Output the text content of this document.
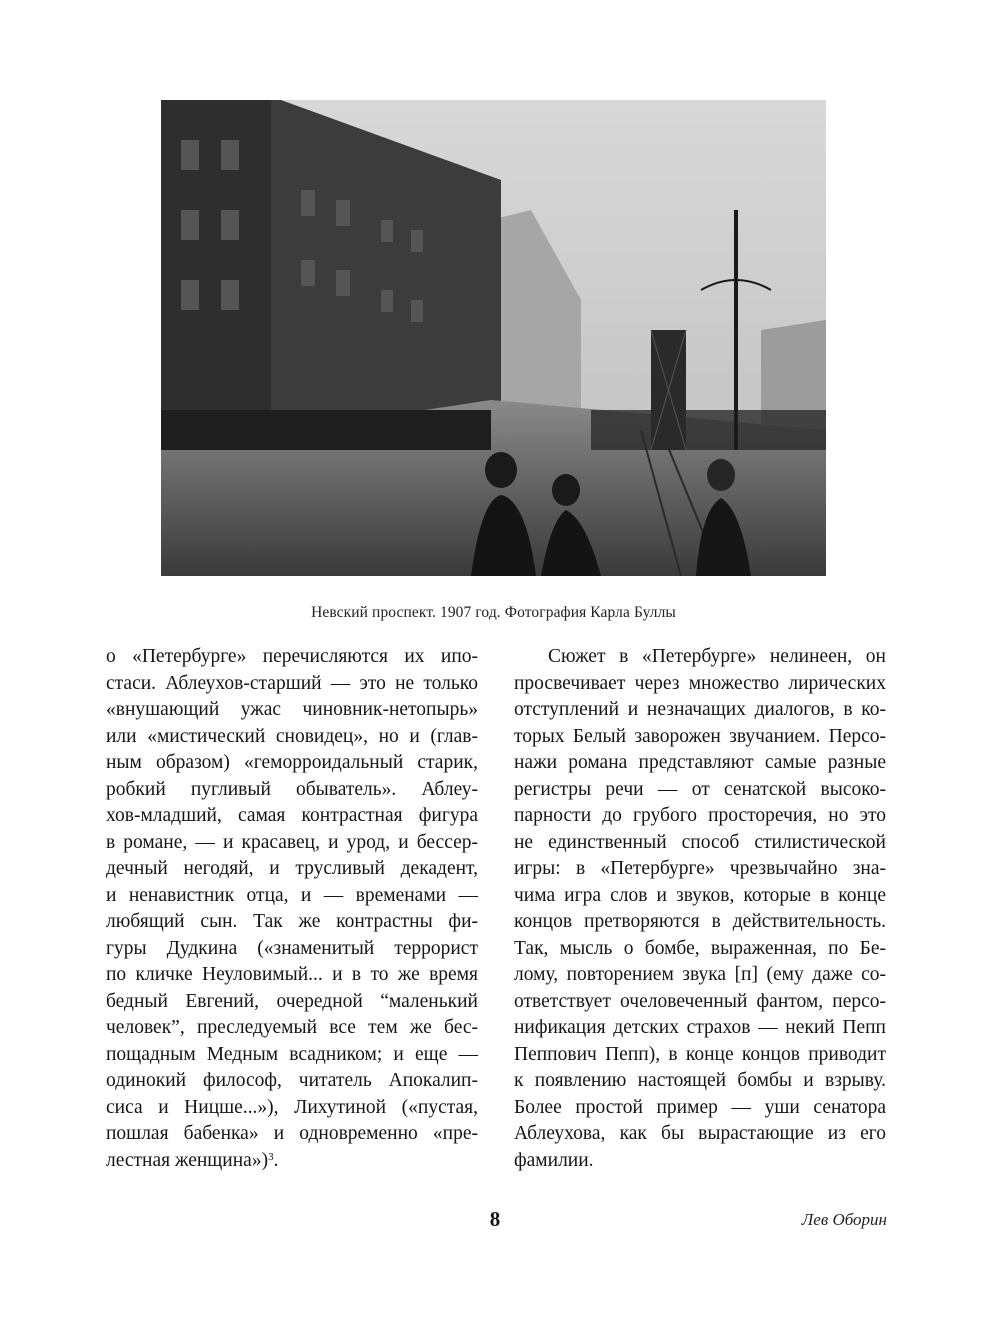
Невский проспект. 1907 год. Фотография Карла Буллы
о «Петербурге» перечисляются их ипо-
стаси. Аблеухов-старший — это не только
«внушающий ужас чиновник-нетопырь»
или «мистический сновидец», но и (глав-
ным образом) «геморроидальный старик,
робкий пугливый обыватель». Аблеу-
хов-младший, самая контрастная фигура
в романе, — и красавец, и урод, и бессер-
дечный негодяй, и трусливый декадент,
и ненавистник отца, и — временами —
любящий сын. Так же контрастны фи-
гуры Дудкина («знаменитый террорист
по кличке Неуловимый... и в то же время
бедный Евгений, очередной “маленький
человек”, преследуемый все тем же бес-
пощадным Медным всадником; и еще —
одинокий философ, читатель Апокалип-
сиса и Ницше...»), Лихутиной («пустая,
пошлая бабенка» и одновременно «пре-
лестная женщина»)$^3$.
Сюжет в «Петербурге» нелинеен, он
просвечивает через множество лирических
отступлений и незначащих диалогов, в ко-
торых Белый заворожен звучанием. Персо-
нажи романа представляют самые разные
регистры речи — от сенатской высоко-
парности до грубого просторечия, но это
не единственный способ стилистической
игры: в «Петербурге» чрезвычайно зна-
чима игра слов и звуков, которые в конце
концов претворяются в действительность.
Так, мысль о бомбе, выраженная, по Бе-
лому, повторением звука [п] (ему даже со-
ответствует очеловеченный фантом, персо-
нификация детских страхов — некий Пепп
Пеппович Пепп), в конце концов приводит
к появлению настоящей бомбы и взрыву.
Более простой пример — уши сенатора
Аблеухова, как бы вырастающие из его
фамилии.
8	Лев Оборин
